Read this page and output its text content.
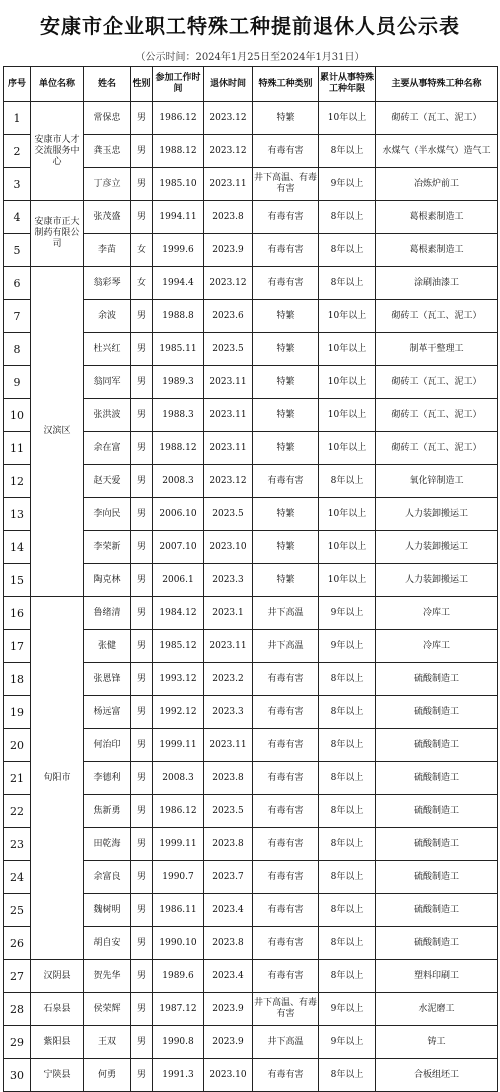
安康市企业职工特殊工种提前退休人员公示表
（公示时间：2024年1月25日至2024年1月31日）
序号	单位名称	姓名	性别	参加工作时间	退休时间	特殊工种类别	累计从事特殊工种年限	主要从事特殊工种名称
1	安康市人才交流服务中心	常保忠	男	1986.12	2023.12	特繁	10年以上	砌砖工（瓦工、泥工）
2		龚玉忠	男	1988.12	2023.12	有毒有害	8年以上	水煤气（半水煤气）造气工
3		丁彦立	男	1985.10	2023.11	井下高温、有毒有害	9年以上	冶炼炉前工
4	安康市正大制药有限公司	张茂盛	男	1994.11	2023.8	有毒有害	8年以上	葛根素制造工
5		李苗	女	1999.6	2023.9	有毒有害	8年以上	葛根素制造工
6	汉滨区	翁彩琴	女	1994.4	2023.12	有毒有害	8年以上	涂刷油漆工
7		余波	男	1988.8	2023.6	特繁	10年以上	砌砖工（瓦工、泥工）
8		杜兴红	男	1985.11	2023.5	特繁	10年以上	制革干整理工
9		翁同军	男	1989.3	2023.11	特繁	10年以上	砌砖工（瓦工、泥工）
10		张洪波	男	1988.3	2023.11	特繁	10年以上	砌砖工（瓦工、泥工）
11		余在富	男	1988.12	2023.11	特繁	10年以上	砌砖工（瓦工、泥工）
12		赵天爱	男	2008.3	2023.12	有毒有害	8年以上	氧化锌制造工
13		李向民	男	2006.10	2023.5	特繁	10年以上	人力装卸搬运工
14		李荣新	男	2007.10	2023.10	特繁	10年以上	人力装卸搬运工
15		陶克林	男	2006.1	2023.3	特繁	10年以上	人力装卸搬运工
16	旬阳市	鲁绪清	男	1984.12	2023.1	井下高温	9年以上	冷库工
17		张健	男	1985.12	2023.11	井下高温	9年以上	冷库工
18		张恩锋	男	1993.12	2023.2	有毒有害	8年以上	硫酸制造工
19		杨远富	男	1992.12	2023.3	有毒有害	8年以上	硫酸制造工
20		何治印	男	1999.11	2023.11	有毒有害	8年以上	硫酸制造工
21		李德利	男	2008.3	2023.8	有毒有害	8年以上	硫酸制造工
22		焦新勇	男	1986.12	2023.5	有毒有害	8年以上	硫酸制造工
23		田乾海	男	1999.11	2023.8	有毒有害	8年以上	硫酸制造工
24		余富良	男	1990.7	2023.7	有毒有害	8年以上	硫酸制造工
25		魏树明	男	1986.11	2023.4	有毒有害	8年以上	硫酸制造工
26		胡自安	男	1990.10	2023.8	有毒有害	8年以上	硫酸制造工
27	汉阴县	贺先华	男	1989.6	2023.4	有毒有害	8年以上	塑料印刷工
28	石泉县	侯荣辉	男	1987.12	2023.9	井下高温、有毒有害	9年以上	水泥磨工
29	紫阳县	王双	男	1990.8	2023.9	井下高温	9年以上	铸工
30	宁陕县	何勇	男	1991.3	2023.10	有毒有害	8年以上	合板组坯工
